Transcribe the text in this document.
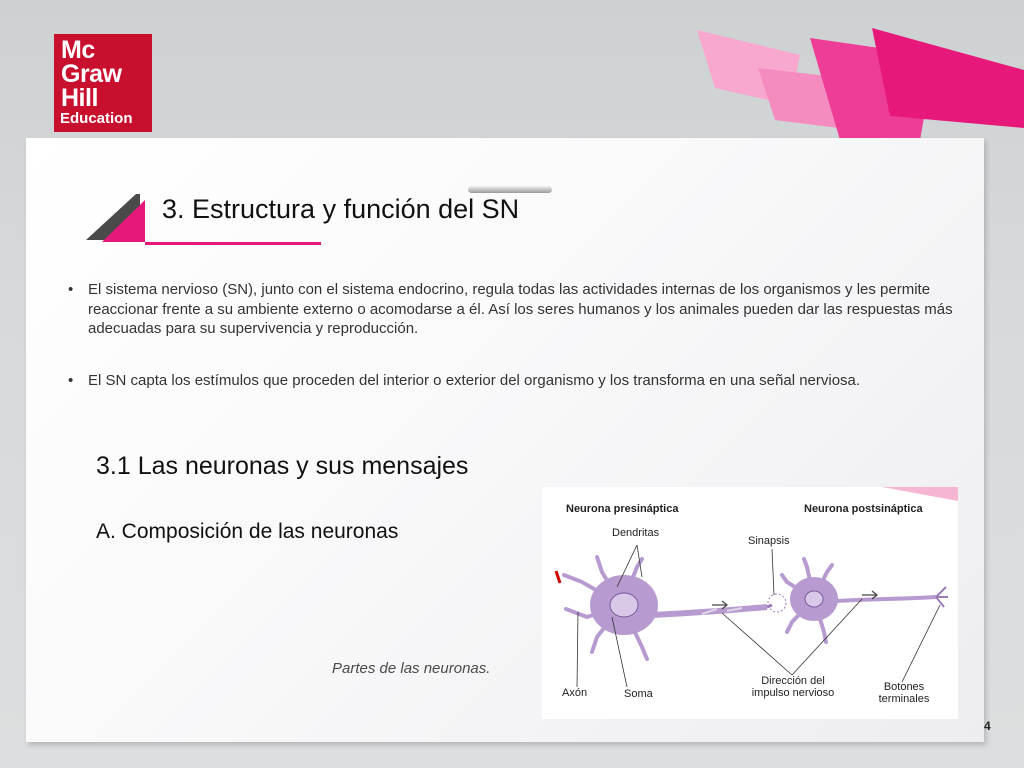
Mc
Graw
Hill
Education
3. Estructura y función del SN
• El sistema nervioso (SN), junto con el sistema endocrino, regula todas las actividades internas de los organismos y les permite reaccionar frente a su ambiente externo o acomodarse a él. Así los seres humanos y los animales pueden dar las respuestas más adecuadas para su supervivencia y reproducción.
• El SN capta los estímulos que proceden del interior o exterior del organismo y los transforma en una señal nerviosa.
3.1 Las neuronas y sus mensajes
A. Composición de las neuronas
Partes de las neuronas.
Neurona presináptica	Neurona postsináptica
Dendritas
Sinapsis
Axón	Soma
Dirección del
impulso nervioso	Botones
terminales
4
